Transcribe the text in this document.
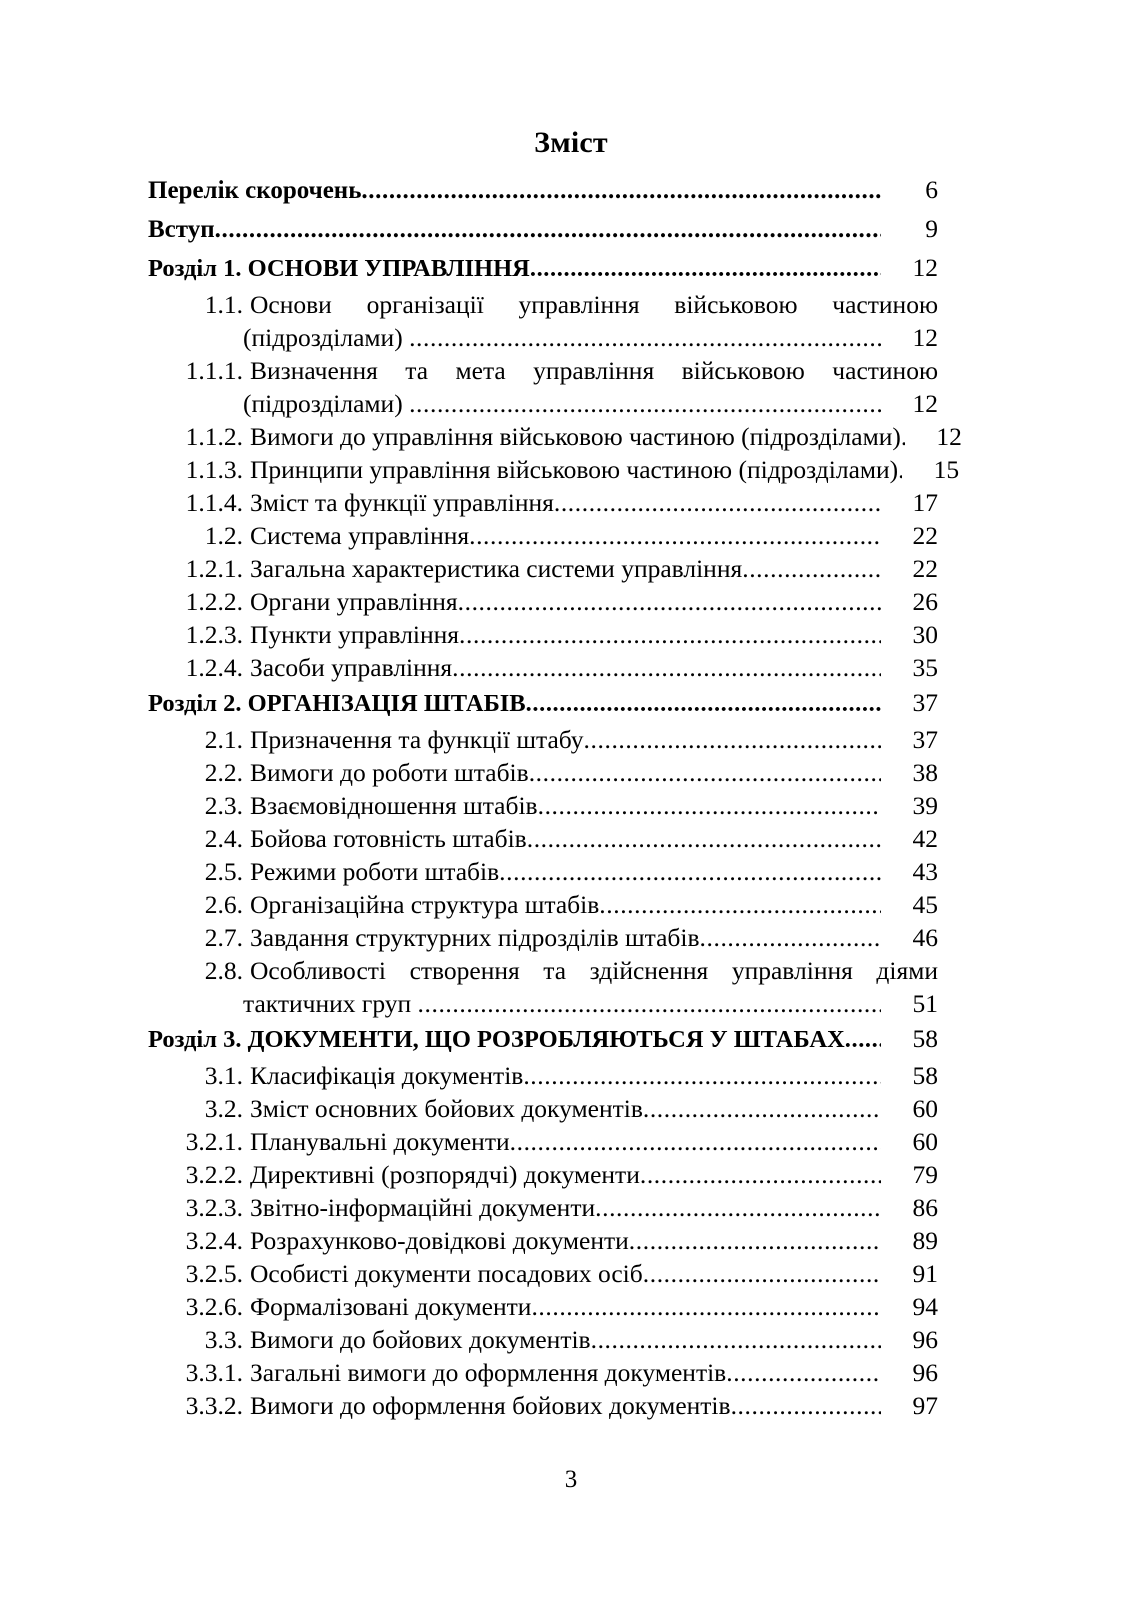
Зміст
Перелік скорочень .....	6
Вступ .....	9
Розділ 1. ОСНОВИ УПРАВЛІННЯ .....	12
1.1. Основи організації управління військовою частиною
(підрозділами) .....	12
1.1.1. Визначення та мета управління військовою частиною
(підрозділами) .....	12
1.1.2. Вимоги до управління військовою частиною (підрозділами) .....	12
1.1.3. Принципи управління військовою частиною (підрозділами) .....	15
1.1.4. Зміст та функції управління .....	17
1.2. Система управління .....	22
1.2.1. Загальна характеристика системи управління .....	22
1.2.2. Органи управління .....	26
1.2.3. Пункти управління .....	30
1.2.4. Засоби управління .....	35
Розділ 2. ОРГАНІЗАЦІЯ ШТАБІВ .....	37
2.1. Призначення та функції штабу .....	37
2.2. Вимоги до роботи штабів .....	38
2.3. Взаємовідношення штабів .....	39
2.4. Бойова готовність штабів .....	42
2.5. Режими роботи штабів .....	43
2.6. Організаційна структура штабів .....	45
2.7. Завдання структурних підрозділів штабів .....	46
2.8. Особливості створення та здійснення управління діями
тактичних груп .....	51
Розділ 3. ДОКУМЕНТИ, ЩО РОЗРОБЛЯЮТЬСЯ У ШТАБАХ .....	58
3.1. Класифікація документів .....	58
3.2. Зміст основних бойових документів .....	60
3.2.1. Планувальні документи .....	60
3.2.2. Директивні (розпорядчі) документи .....	79
3.2.3. Звітно-інформаційні документи .....	86
3.2.4. Розрахунково-довідкові документи .....	89
3.2.5. Особисті документи посадових осіб .....	91
3.2.6. Формалізовані документи .....	94
3.3. Вимоги до бойових документів .....	96
3.3.1. Загальні вимоги до оформлення документів .....	96
3.3.2. Вимоги до оформлення бойових документів .....	97
3
